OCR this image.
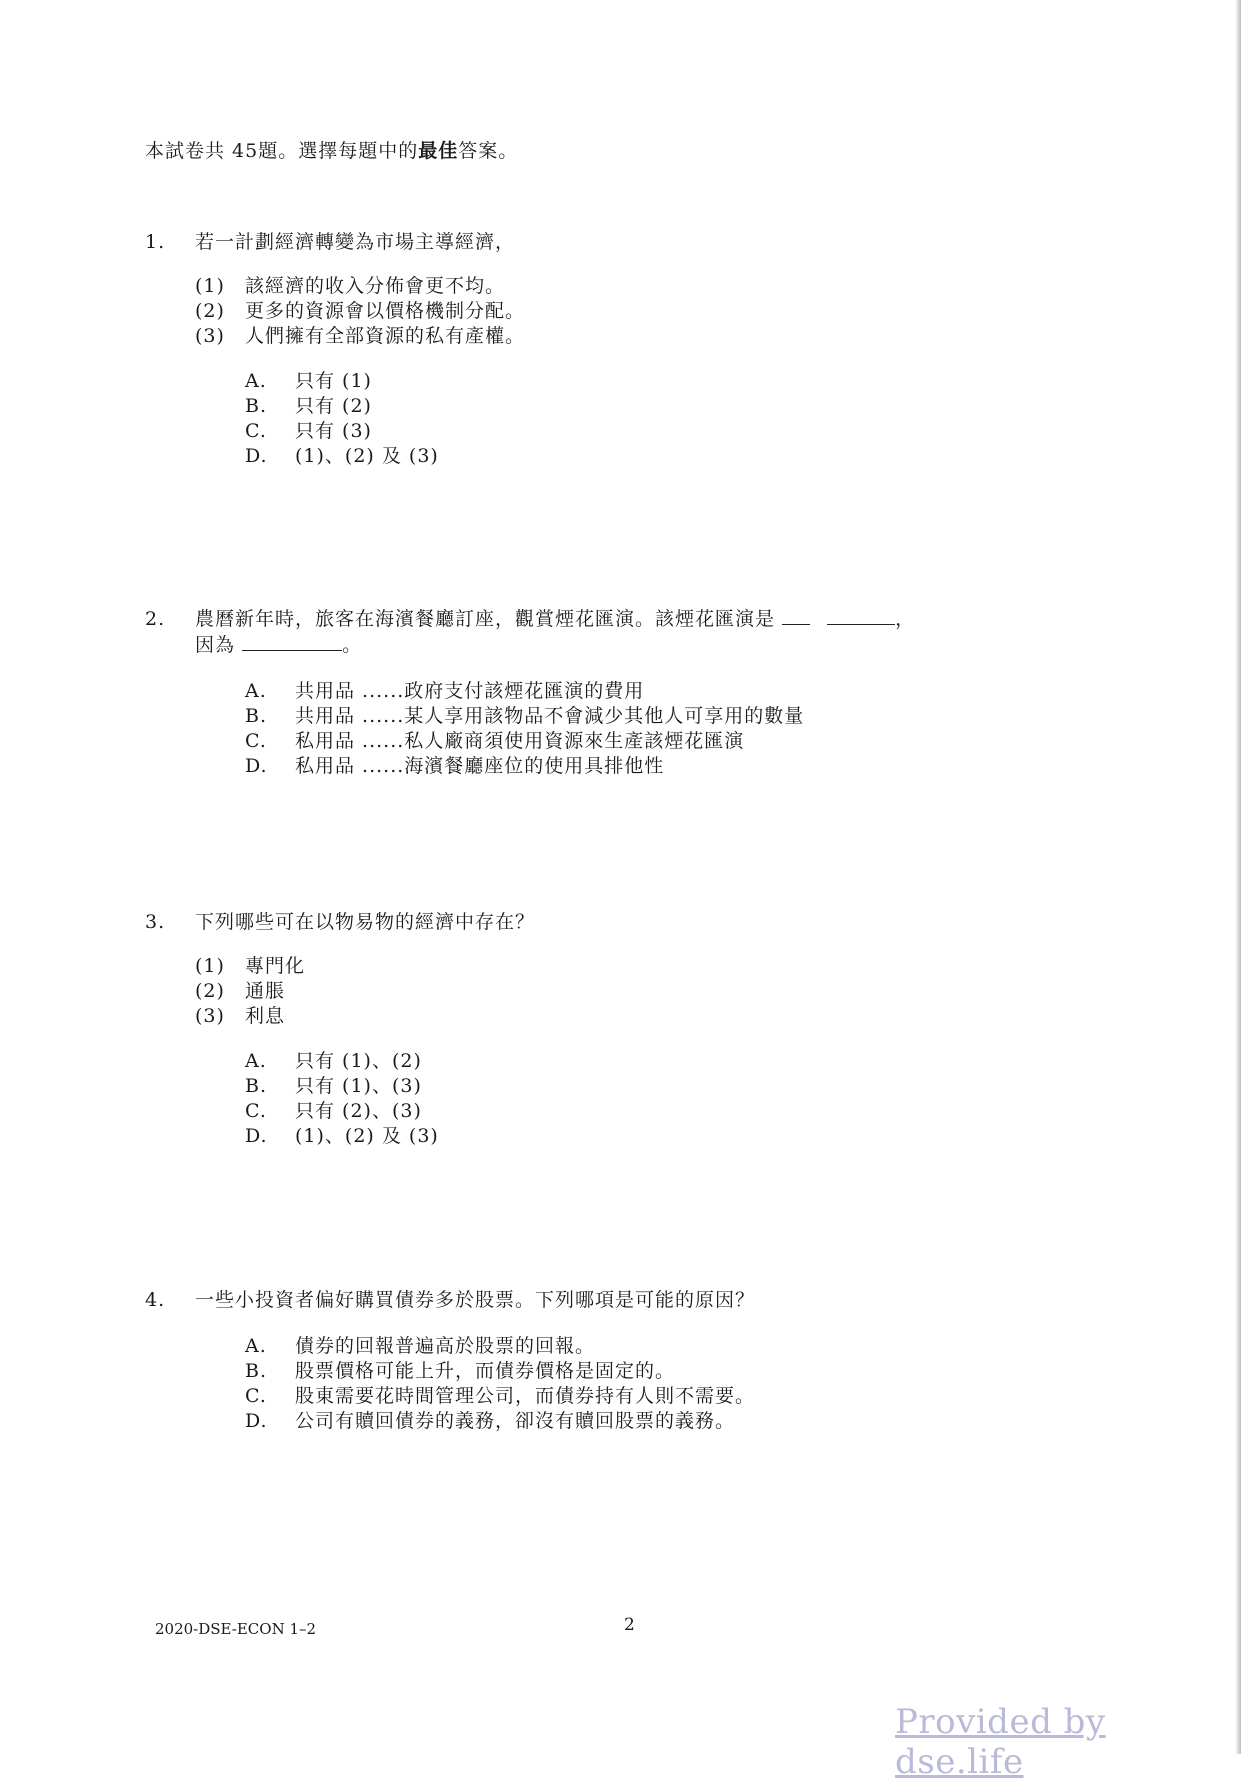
本試卷共 45題。選擇每題中的最佳答案。
1.	若一計劃經濟轉變為市場主導經濟，
(1)	該經濟的收入分佈會更不均。
(2)	更多的資源會以價格機制分配。
(3)	人們擁有全部資源的私有產權。
A.	只有 (1)
B.	只有 (2)
C.	只有 (3)
D.	(1)、(2) 及 (3)
2.	農曆新年時，旅客在海濱餐廳訂座，觀賞煙花匯演。該煙花匯演是	，
因為	。
A.	共用品 ......政府支付該煙花匯演的費用
B.	共用品 ......某人享用該物品不會減少其他人可享用的數量
C.	私用品 ......私人廠商須使用資源來生產該煙花匯演
D.	私用品 ......海濱餐廳座位的使用具排他性
3.	下列哪些可在以物易物的經濟中存在？
(1)	專門化
(2)	通脹
(3)	利息
A.	只有 (1)、(2)
B.	只有 (1)、(3)
C.	只有 (2)、(3)
D.	(1)、(2) 及 (3)
4.	一些小投資者偏好購買債券多於股票。下列哪項是可能的原因？
A.	債券的回報普遍高於股票的回報。
B.	股票價格可能上升，而債券價格是固定的。
C.	股東需要花時間管理公司，而債券持有人則不需要。
D.	公司有贖回債券的義務，卻沒有贖回股票的義務。
2020-DSE-ECON 1–2	2
Provided by dse.life
